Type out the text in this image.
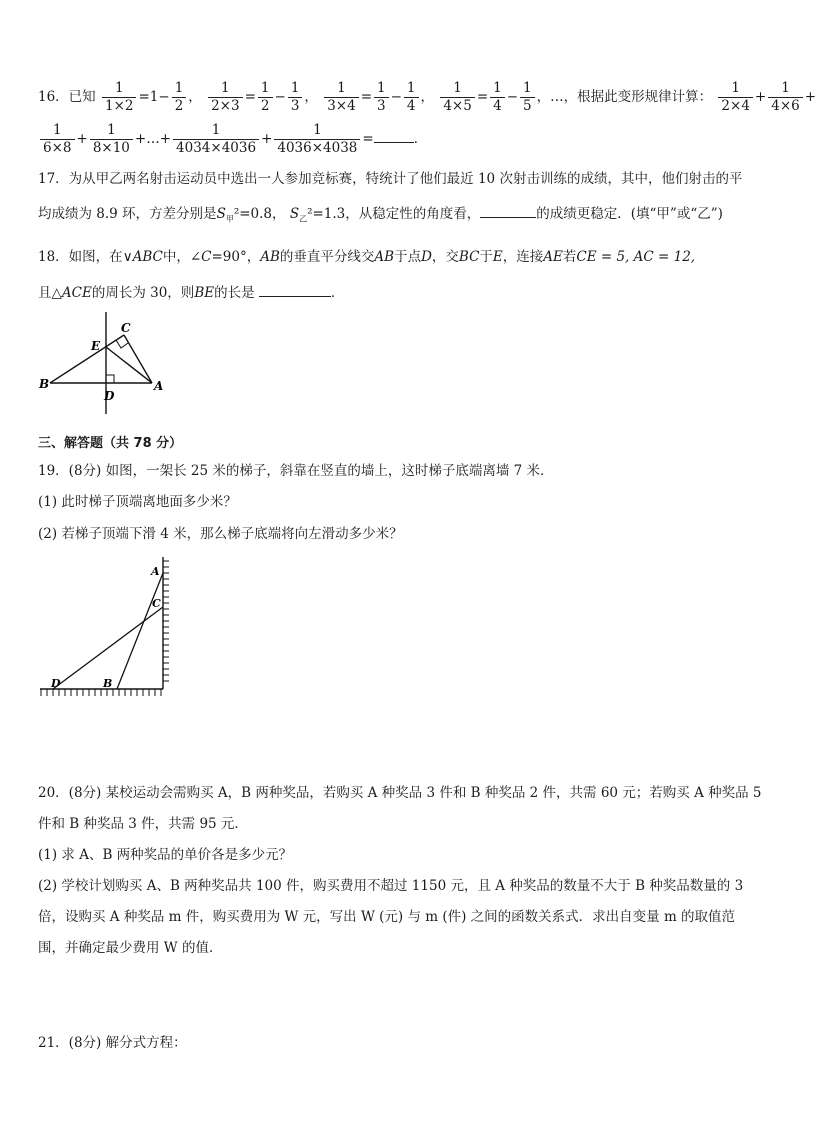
16．已知 $\frac{1}{1\times 2} =1- \frac{1}{2}$ ， $\frac{1}{2\times 3} = \frac{1}{2} - \frac{1}{3}$ ， $\frac{1}{3\times 4} = \frac{1}{3} - \frac{1}{4}$ ， $\frac{1}{4\times 5} = \frac{1}{4} - \frac{1}{5}$ ，…，根据此变形规律计算： $\frac{1}{2\times 4} + \frac{1}{4\times 6}$ +
$\frac{1}{6\times 8} + \frac{1}{8\times 10}$ +…+ $\frac{1}{4034\times 4036} + \frac{1}{4036\times 4038}$ =	．
17．为从甲乙两名射击运动员中选出一人参加竞标赛，特统计了他们最近 10 次射击训练的成绩，其中，他们射击的平
均成绩为 8.9 环，方差分别是$S_甲^2=0.8$， $S_乙^2=1.3$，从稳定性的角度看，	的成绩更稳定．(填“甲”或“乙”)
18．如图，在∨ABC中，∠C=90°，AB的垂直平分线交AB于点D，交BC于E，连接AE若CE = 5, AC = 12,
且△ACE的周长为 30，则BE的长是	．
C
E
B	A
D
三、解答题（共 78 分）
19．(8分) 如图，一架长 25 米的梯子，斜靠在竖直的墙上，这时梯子底端离墙 7 米．
(1) 此时梯子顶端离地面多少米？
(2) 若梯子顶端下滑 4 米，那么梯子底端将向左滑动多少米？
A
C
D	B
20．(8分) 某校运动会需购买 A，B 两种奖品，若购买 A 种奖品 3 件和 B 种奖品 2 件，共需 60 元；若购买 A 种奖品 5
件和 B 种奖品 3 件，共需 95 元．
(1) 求 A、B 两种奖品的单价各是多少元？
(2) 学校计划购买 A、B 两种奖品共 100 件，购买费用不超过 1150 元，且 A 种奖品的数量不大于 B 种奖品数量的 3
倍，设购买 A 种奖品 m 件，购买费用为 W 元，写出 W (元) 与 m (件) 之间的函数关系式．求出自变量 m 的取值范
围，并确定最少费用 W 的值．
21．(8分) 解分式方程：
